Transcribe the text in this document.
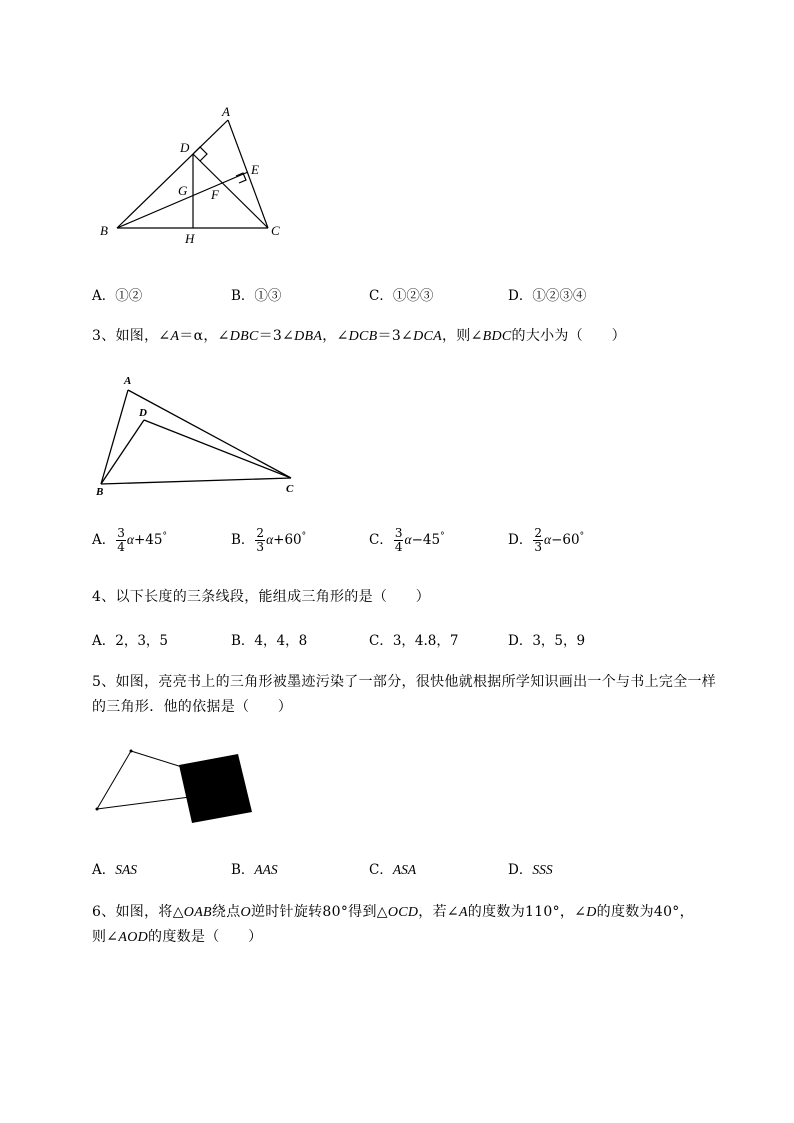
A
D
E
G F
B
H
C
A．①②	B．①③	C．①②③	D．①②③④
3、如图，∠A＝α，∠DBC＝3∠DBA，∠DCB＝3∠DCA，则∠BDC的大小为（　　）
A
D
B	C
A． $\frac{3}{4} \alpha+45^\circ$	B． $\frac{2}{3} \alpha+60^\circ$	C． $\frac{3}{4} \alpha-45^\circ$	D． $\frac{2}{3} \alpha-60^\circ$
4、以下长度的三条线段，能组成三角形的是（　　）
A．2，3，5	B．4，4，8	C．3，4.8，7	D．3，5，9
5、如图，亮亮书上的三角形被墨迹污染了一部分，很快他就根据所学知识画出一个与书上完全一样
的三角形．他的依据是（　　）
A．SAS	B．AAS	C．ASA	D．SSS
6、如图，将△OAB绕点O逆时针旋转80°得到△OCD，若∠A的度数为110°，∠D的度数为40°，
则∠AOD的度数是（　　）
